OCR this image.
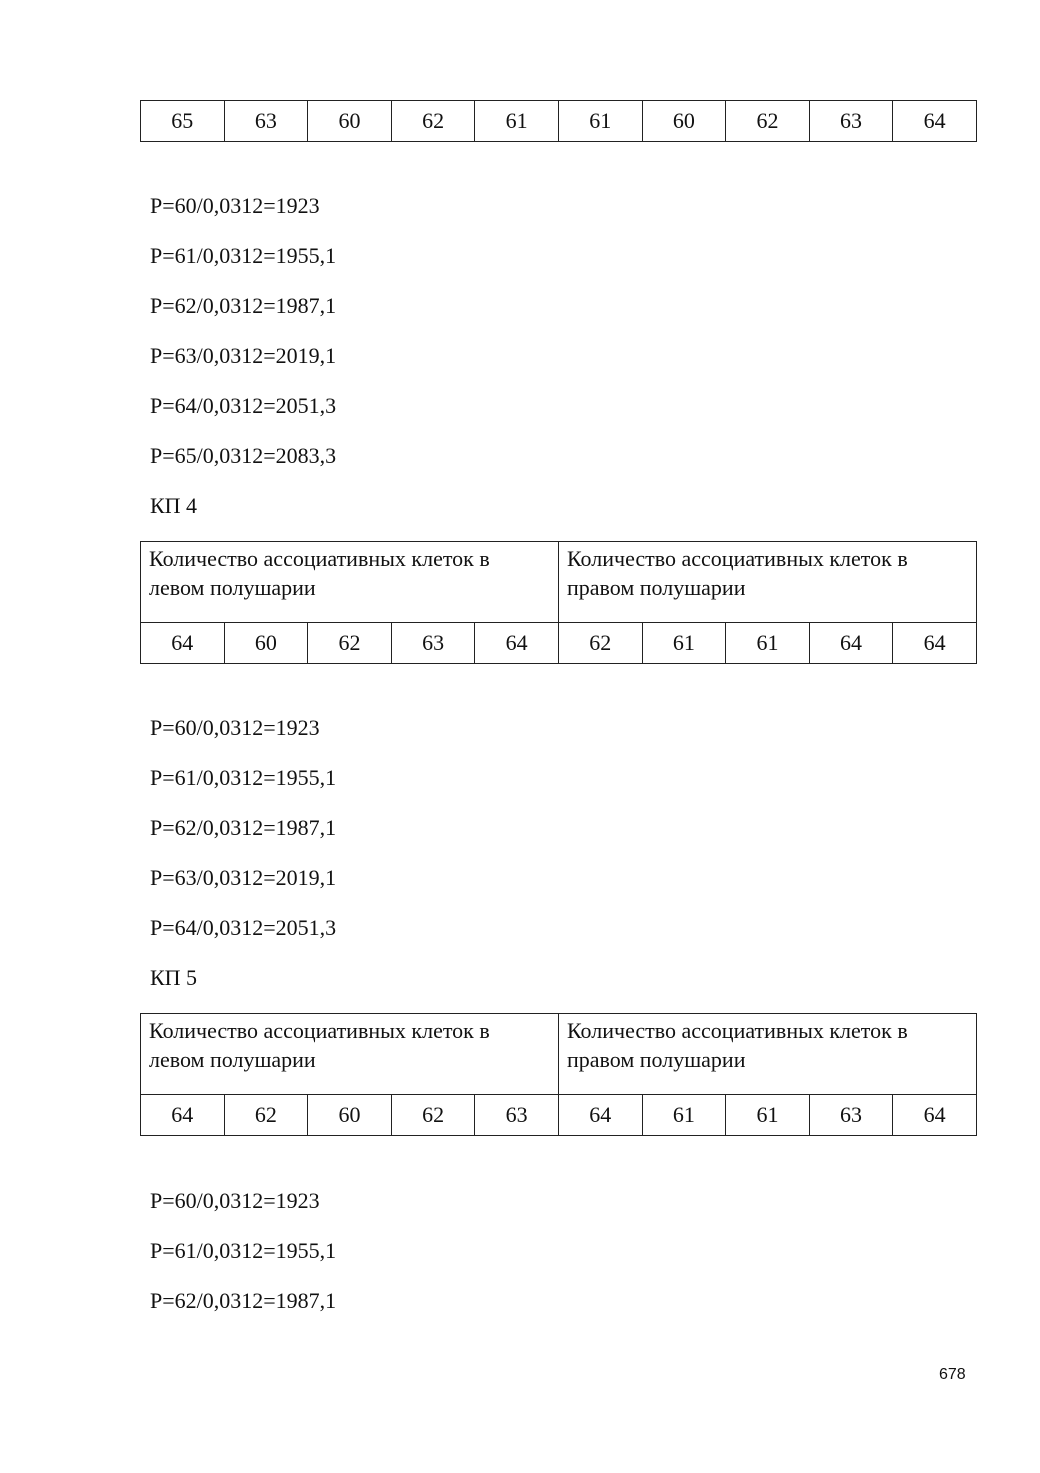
65	63	60	62	61	61	60	62	63	64

P=60/0,0312=1923

P=61/0,0312=1955,1

P=62/0,0312=1987,1

P=63/0,0312=2019,1

P=64/0,0312=2051,3

P=65/0,0312=2083,3

КП 4

Количество ассоциативных клеток в левом полушарии					Количество ассоциативных клеток в правом полушарии				
64	60	62	63	64	62	61	61	64	64

P=60/0,0312=1923

P=61/0,0312=1955,1

P=62/0,0312=1987,1

P=63/0,0312=2019,1

P=64/0,0312=2051,3

КП 5

Количество ассоциативных клеток в левом полушарии					Количество ассоциативных клеток в правом полушарии				
64	62	60	62	63	64	61	61	63	64

P=60/0,0312=1923

P=61/0,0312=1955,1

P=62/0,0312=1987,1

678
